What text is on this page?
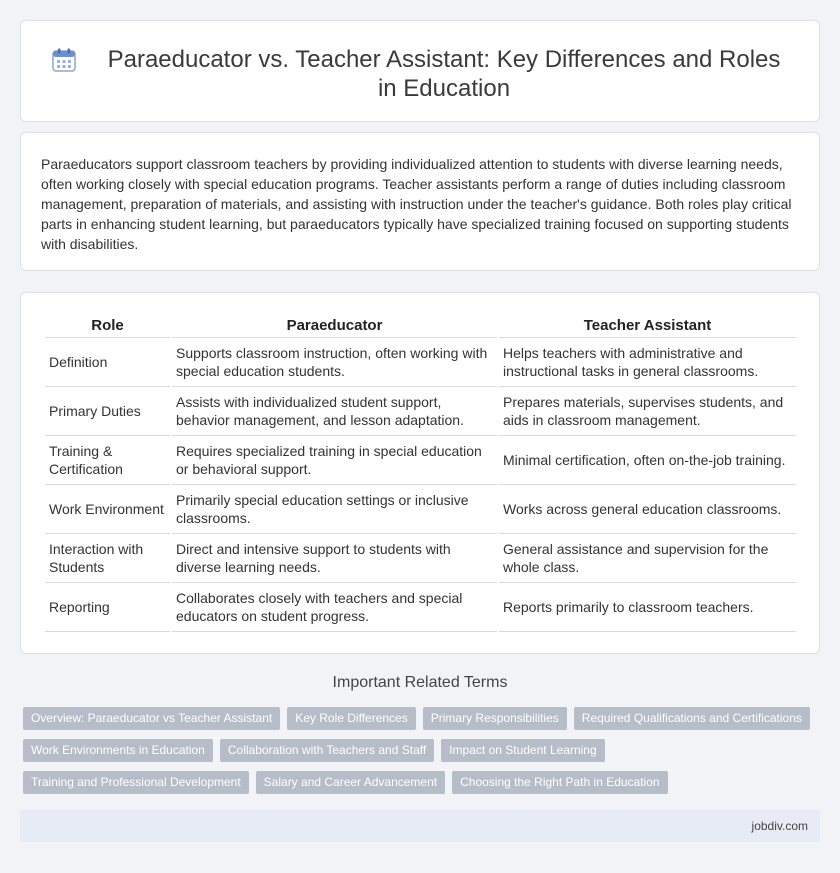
Paraeducator vs. Teacher Assistant: Key Differences and Roles in Education

Paraeducators support classroom teachers by providing individualized attention to students with diverse learning needs, often working closely with special education programs. Teacher assistants perform a range of duties including classroom management, preparation of materials, and assisting with instruction under the teacher's guidance. Both roles play critical parts in enhancing student learning, but paraeducators typically have specialized training focused on supporting students with disabilities.

Role	Paraeducator	Teacher Assistant
Definition	Supports classroom instruction, often working with special education students.	Helps teachers with administrative and instructional tasks in general classrooms.
Primary Duties	Assists with individualized student support, behavior management, and lesson adaptation.	Prepares materials, supervises students, and aids in classroom management.
Training & Certification	Requires specialized training in special education or behavioral support.	Minimal certification, often on-the-job training.
Work Environment	Primarily special education settings or inclusive classrooms.	Works across general education classrooms.
Interaction with Students	Direct and intensive support to students with diverse learning needs.	General assistance and supervision for the whole class.
Reporting	Collaborates closely with teachers and special educators on student progress.	Reports primarily to classroom teachers.
Important Related Terms
Overview: Paraeducator vs Teacher Assistant	Key Role Differences	Primary Responsibilities	Required Qualifications and Certifications
Work Environments in Education	Collaboration with Teachers and Staff	Impact on Student Learning
Training and Professional Development	Salary and Career Advancement	Choosing the Right Path in Education
jobdiv.com
